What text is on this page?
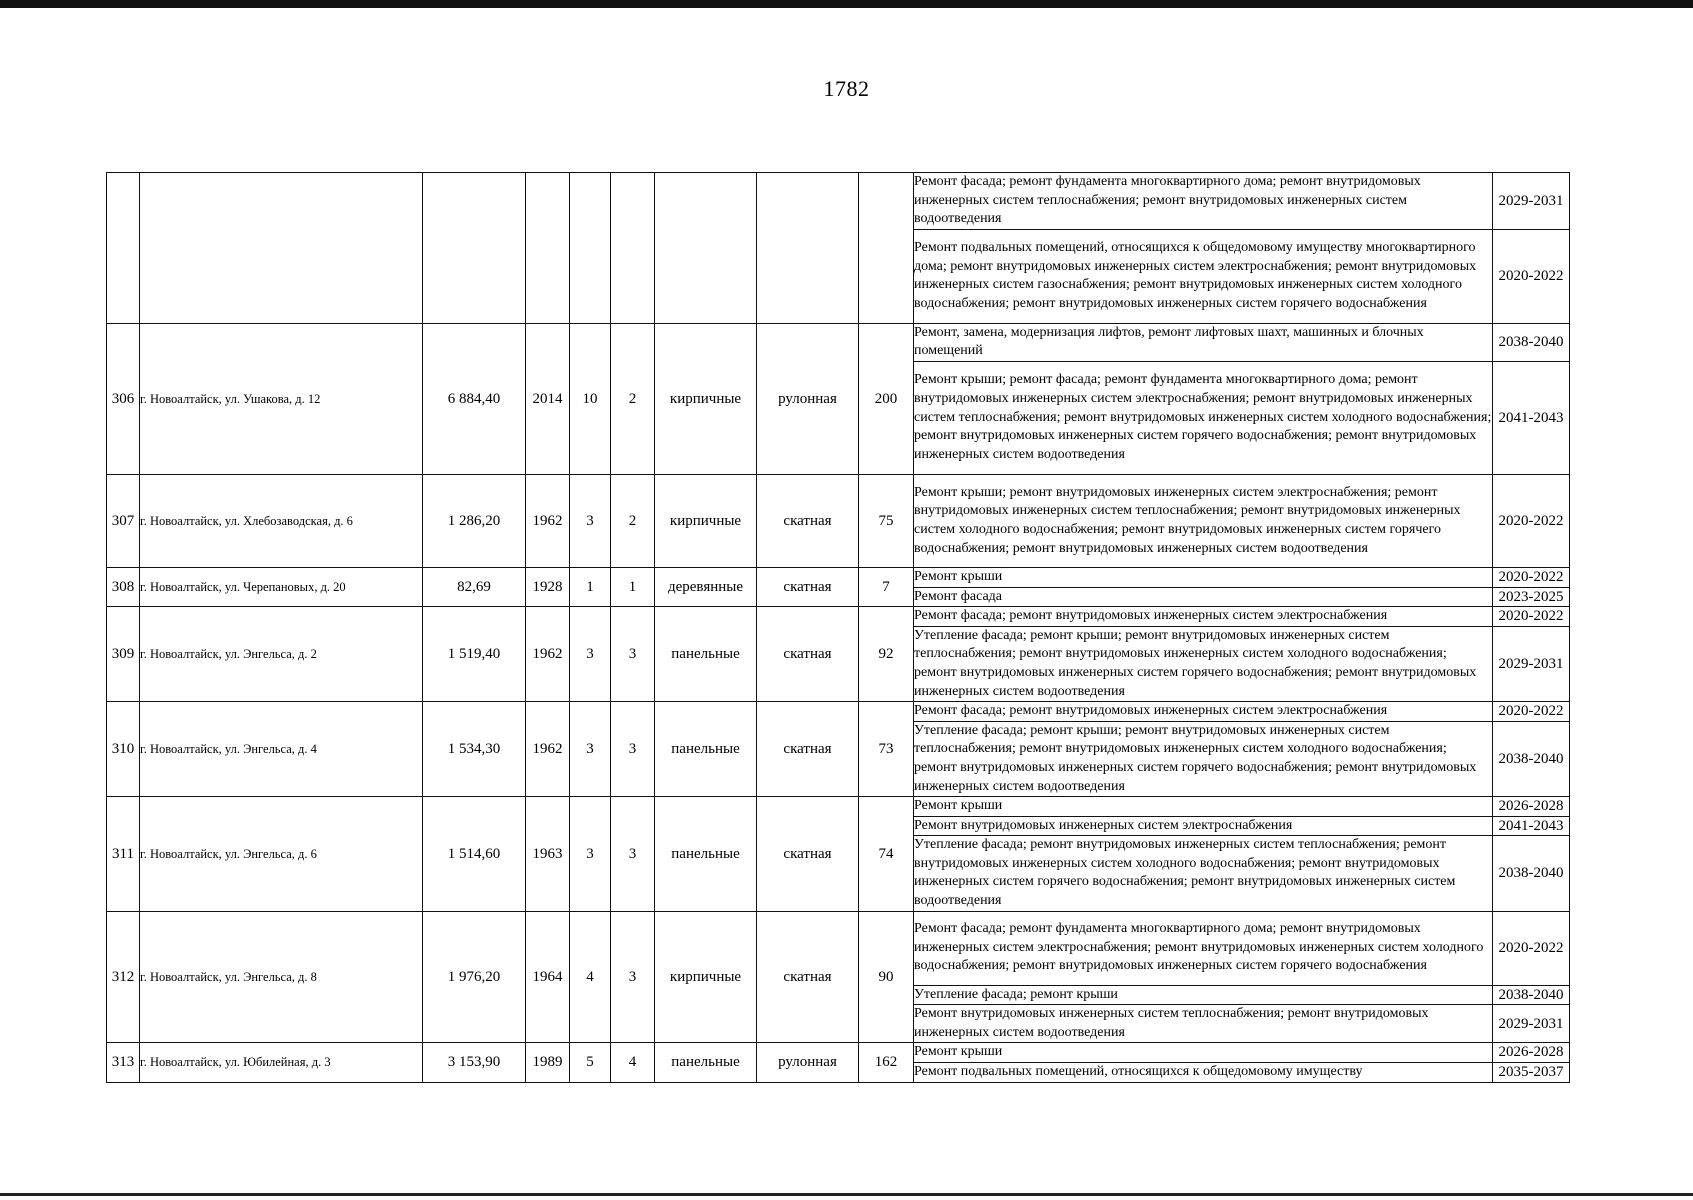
1782
									Ремонт фасада; ремонт фундамента многоквартирного дома; ремонт внутридомовых инженерных систем теплоснабжения; ремонт внутридомовых инженерных систем водоотведения	2029-2031
									Ремонт подвальных помещений, относящихся к общедомовому имуществу многоквартирного дома; ремонт внутридомовых инженерных систем электроснабжения; ремонт внутридомовых инженерных систем газоснабжения; ремонт внутридомовых инженерных систем холодного водоснабжения; ремонт внутридомовых инженерных систем горячего водоснабжения	2020-2022
306	г. Новоалтайск, ул. Ушакова, д. 12	6 884,40	2014	10	2	кирпичные	рулонная	200	Ремонт, замена, модернизация лифтов, ремонт лифтовых шахт, машинных и блочных помещений	2038-2040
									Ремонт крыши; ремонт фасада; ремонт фундамента многоквартирного дома; ремонт внутридомовых инженерных систем электроснабжения; ремонт внутридомовых инженерных систем теплоснабжения; ремонт внутридомовых инженерных систем холодного водоснабжения; ремонт внутридомовых инженерных систем горячего водоснабжения; ремонт внутридомовых инженерных систем водоотведения	2041-2043
307	г. Новоалтайск, ул. Хлебозаводская, д. 6	1 286,20	1962	3	2	кирпичные	скатная	75	Ремонт крыши; ремонт внутридомовых инженерных систем электроснабжения; ремонт внутридомовых инженерных систем теплоснабжения; ремонт внутридомовых инженерных систем холодного водоснабжения; ремонт внутридомовых инженерных систем горячего водоснабжения; ремонт внутридомовых инженерных систем водоотведения	2020-2022
308	г. Новоалтайск, ул. Черепановых, д. 20	82,69	1928	1	1	деревянные	скатная	7	Ремонт крыши	2020-2022
									Ремонт фасада	2023-2025
309	г. Новоалтайск, ул. Энгельса, д. 2	1 519,40	1962	3	3	панельные	скатная	92	Ремонт фасада; ремонт внутридомовых инженерных систем электроснабжения	2020-2022
									Утепление фасада; ремонт крыши; ремонт внутридомовых инженерных систем теплоснабжения; ремонт внутридомовых инженерных систем холодного водоснабжения; ремонт внутридомовых инженерных систем горячего водоснабжения; ремонт внутридомовых инженерных систем водоотведения	2029-2031
310	г. Новоалтайск, ул. Энгельса, д. 4	1 534,30	1962	3	3	панельные	скатная	73	Ремонт фасада; ремонт внутридомовых инженерных систем электроснабжения	2020-2022
									Утепление фасада; ремонт крыши; ремонт внутридомовых инженерных систем теплоснабжения; ремонт внутридомовых инженерных систем холодного водоснабжения; ремонт внутридомовых инженерных систем горячего водоснабжения; ремонт внутридомовых инженерных систем водоотведения	2038-2040
311	г. Новоалтайск, ул. Энгельса, д. 6	1 514,60	1963	3	3	панельные	скатная	74	Ремонт крыши	2026-2028
									Ремонт внутридомовых инженерных систем электроснабжения	2041-2043
									Утепление фасада; ремонт внутридомовых инженерных систем теплоснабжения; ремонт внутридомовых инженерных систем холодного водоснабжения; ремонт внутридомовых инженерных систем горячего водоснабжения; ремонт внутридомовых инженерных систем водоотведения	2038-2040
312	г. Новоалтайск, ул. Энгельса, д. 8	1 976,20	1964	4	3	кирпичные	скатная	90	Ремонт фасада; ремонт фундамента многоквартирного дома; ремонт внутридомовых инженерных систем электроснабжения; ремонт внутридомовых инженерных систем холодного водоснабжения; ремонт внутридомовых инженерных систем горячего водоснабжения	2020-2022
									Утепление фасада; ремонт крыши	2038-2040
									Ремонт внутридомовых инженерных систем теплоснабжения; ремонт внутридомовых инженерных систем водоотведения	2029-2031
313	г. Новоалтайск, ул. Юбилейная, д. 3	3 153,90	1989	5	4	панельные	рулонная	162	Ремонт крыши	2026-2028
									Ремонт подвальных помещений, относящихся к общедомовому имуществу	2035-2037
